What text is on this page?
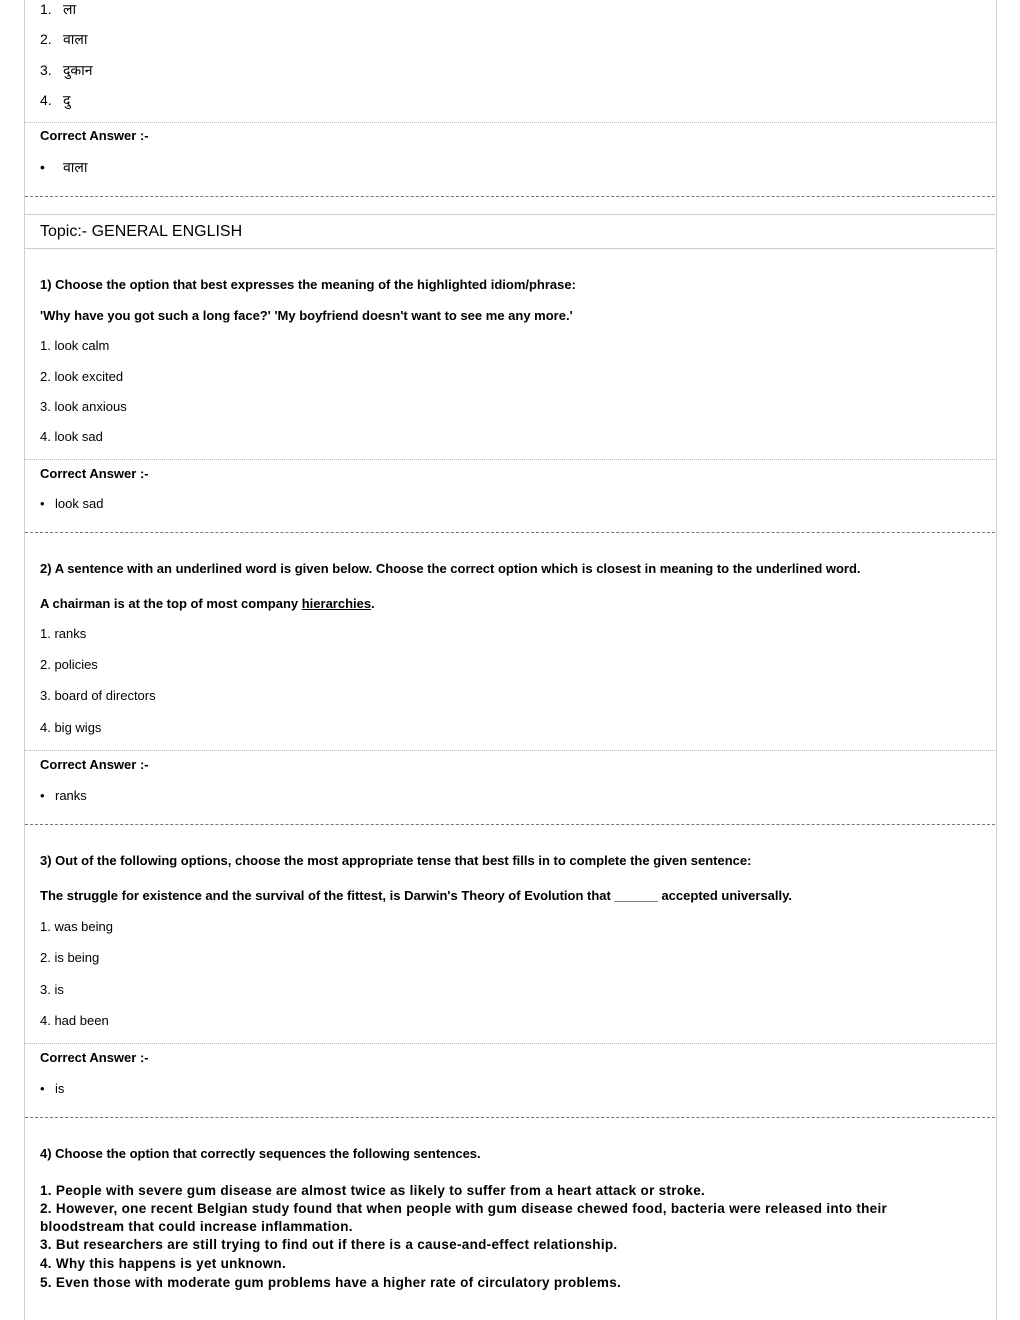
1. ला
2. वाला
3. दुकान
4. दु
Correct Answer :-
• वाला
Topic:- GENERAL ENGLISH
1) Choose the option that best expresses the meaning of the highlighted idiom/phrase:
'Why have you got such a long face?' 'My boyfriend doesn't want to see me any more.'
1. look calm
2. look excited
3. look anxious
4. look sad
Correct Answer :-
• look sad
2) A sentence with an underlined word is given below. Choose the correct option which is closest in meaning to the underlined word.
A chairman is at the top of most company hierarchies.
1. ranks
2. policies
3. board of directors
4. big wigs
Correct Answer :-
• ranks
3) Out of the following options, choose the most appropriate tense that best fills in to complete the given sentence:
The struggle for existence and the survival of the fittest, is Darwin's Theory of Evolution that ______ accepted universally.
1. was being
2. is being
3. is
4. had been
Correct Answer :-
• is
4) Choose the option that correctly sequences the following sentences.
1. People with severe gum disease are almost twice as likely to suffer from a heart attack or stroke.
2. However, one recent Belgian study found that when people with gum disease chewed food, bacteria were released into their
bloodstream that could increase inflammation.
3. But researchers are still trying to find out if there is a cause-and-effect relationship.
4. Why this happens is yet unknown.
5. Even those with moderate gum problems have a higher rate of circulatory problems.
